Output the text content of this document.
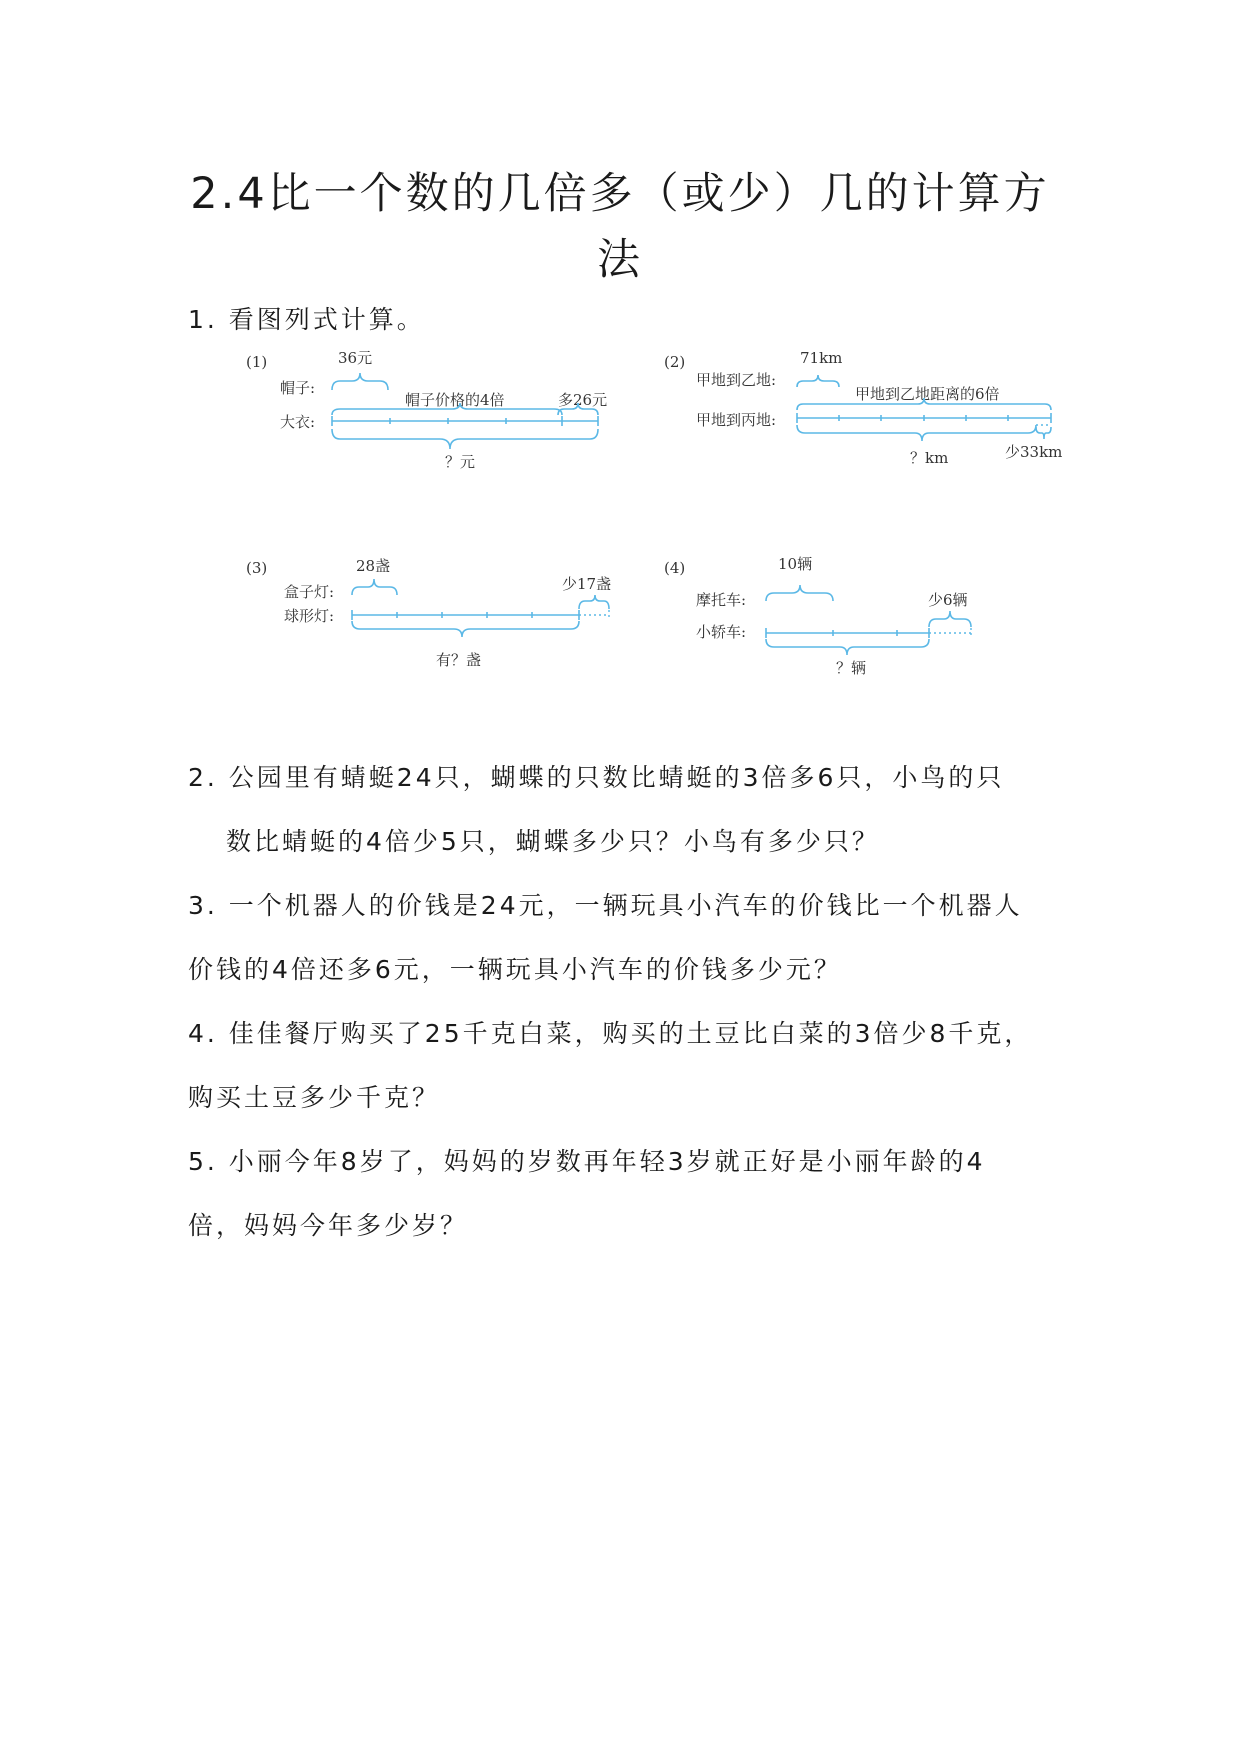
2.4比一个数的几倍多（或少）几的计算方
法
1. 看图列式计算。
(1)	36元
帽子:
帽子价格的4倍	多26元
大衣:
？元
(2)	71km
甲地到乙地:
甲地到乙地距离的6倍
甲地到丙地:
？km	少33km
(3)	28盏
盒子灯:	少17盏
球形灯:
有？盏
(4)	10辆
摩托车:	少6辆
小轿车:
？辆
2. 公园里有蜻蜓24只，蝴蝶的只数比蜻蜓的3倍多6只，小鸟的只
数比蜻蜓的4倍少5只，蝴蝶多少只？小鸟有多少只？
3. 一个机器人的价钱是24元，一辆玩具小汽车的价钱比一个机器人
价钱的4倍还多6元，一辆玩具小汽车的价钱多少元？
4. 佳佳餐厅购买了25千克白菜，购买的土豆比白菜的3倍少8千克，
购买土豆多少千克？
5. 小丽今年8岁了，妈妈的岁数再年轻3岁就正好是小丽年龄的4
倍，妈妈今年多少岁？
